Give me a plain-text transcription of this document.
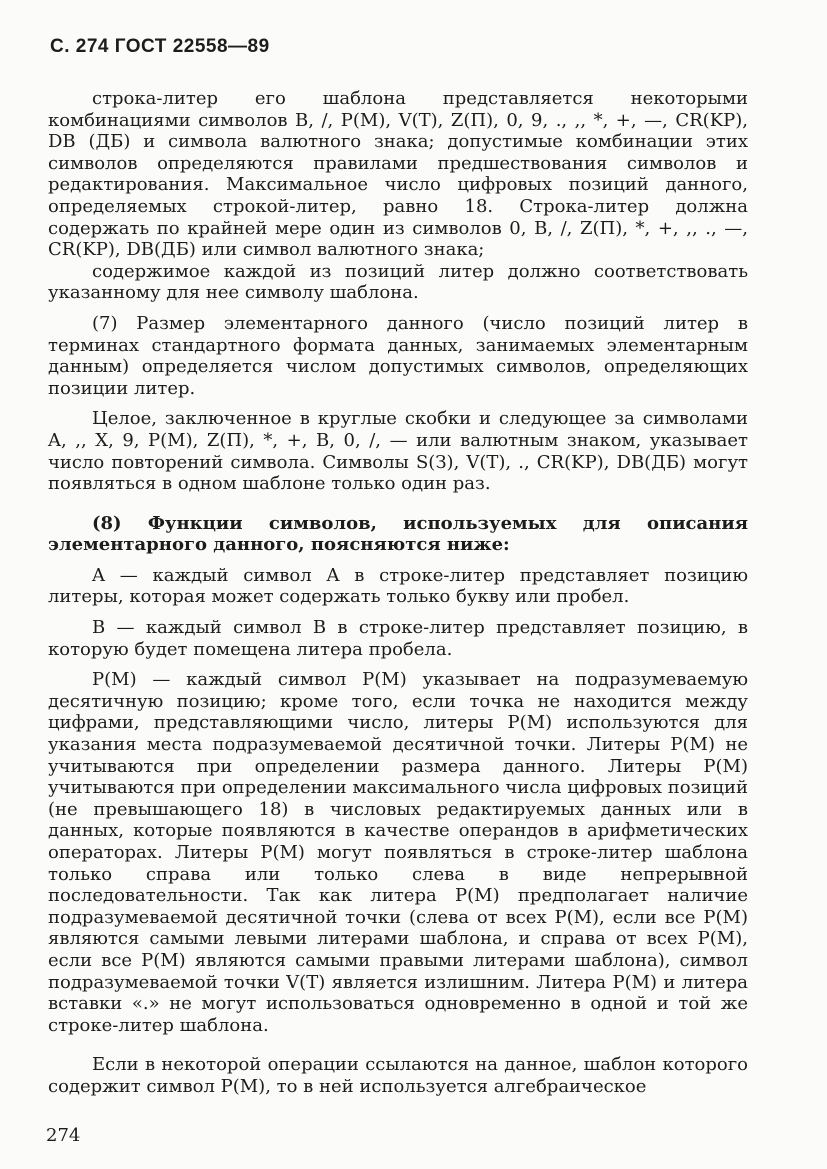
С. 274 ГОСТ 22558—89

строка-литер его шаблона представляется некоторыми комбинациями символов B, /, P(M), V(T), Z(П), 0, 9, ., ,, *, +, —, CR(KP), DB (ДБ) и символа валютного знака; допустимые комбинации этих символов определяются правилами предшествования символов и редактирования. Максимальное число цифровых позиций данного, определяемых строкой-литер, равно 18. Строка-литер должна содержать по крайней мере один из символов 0, B, /, Z(П), *, +, ,, ., —, CR(KP), DB(ДБ) или символ валютного знака;

содержимое каждой из позиций литер должно соответствовать указанному для нее символу шаблона.

(7) Размер элементарного данного (число позиций литер в терминах стандартного формата данных, занимаемых элементарным данным) определяется числом допустимых символов, определяющих позиции литер.

Целое, заключенное в круглые скобки и следующее за символами A, ,, X, 9, P(M), Z(П), *, +, B, 0, /, — или валютным знаком, указывает число повторений символа. Символы S(З), V(T), ., CR(KP), DB(ДБ) могут появляться в одном шаблоне только один раз.

(8) Функции символов, используемых для описания элементарного данного, поясняются ниже:

A — каждый символ A в строке-литер представляет позицию литеры, которая может содержать только букву или пробел.

B — каждый символ B в строке-литер представляет позицию, в которую будет помещена литера пробела.

P(M) — каждый символ P(M) указывает на подразумеваемую десятичную позицию; кроме того, если точка не находится между цифрами, представляющими число, литеры P(M) используются для указания места подразумеваемой десятичной точки. Литеры P(M) не учитываются при определении размера данного. Литеры P(M) учитываются при определении максимального числа цифровых позиций (не превышающего 18) в числовых редактируемых данных или в данных, которые появляются в качестве операндов в арифметических операторах. Литеры P(M) могут появляться в строке-литер шаблона только справа или только слева в виде непрерывной последовательности. Так как литера P(M) предполагает наличие подразумеваемой десятичной точки (слева от всех P(M), если все P(M) являются самыми левыми литерами шаблона, и справа от всех P(M), если все P(M) являются самыми правыми литерами шаблона), символ подразумеваемой точки V(T) является излишним. Литера P(M) и литера вставки «.» не могут использоваться одновременно в одной и той же строке-литер шаблона.

Если в некоторой операции ссылаются на данное, шаблон которого содержит символ P(M), то в ней используется алгебраическое

274
